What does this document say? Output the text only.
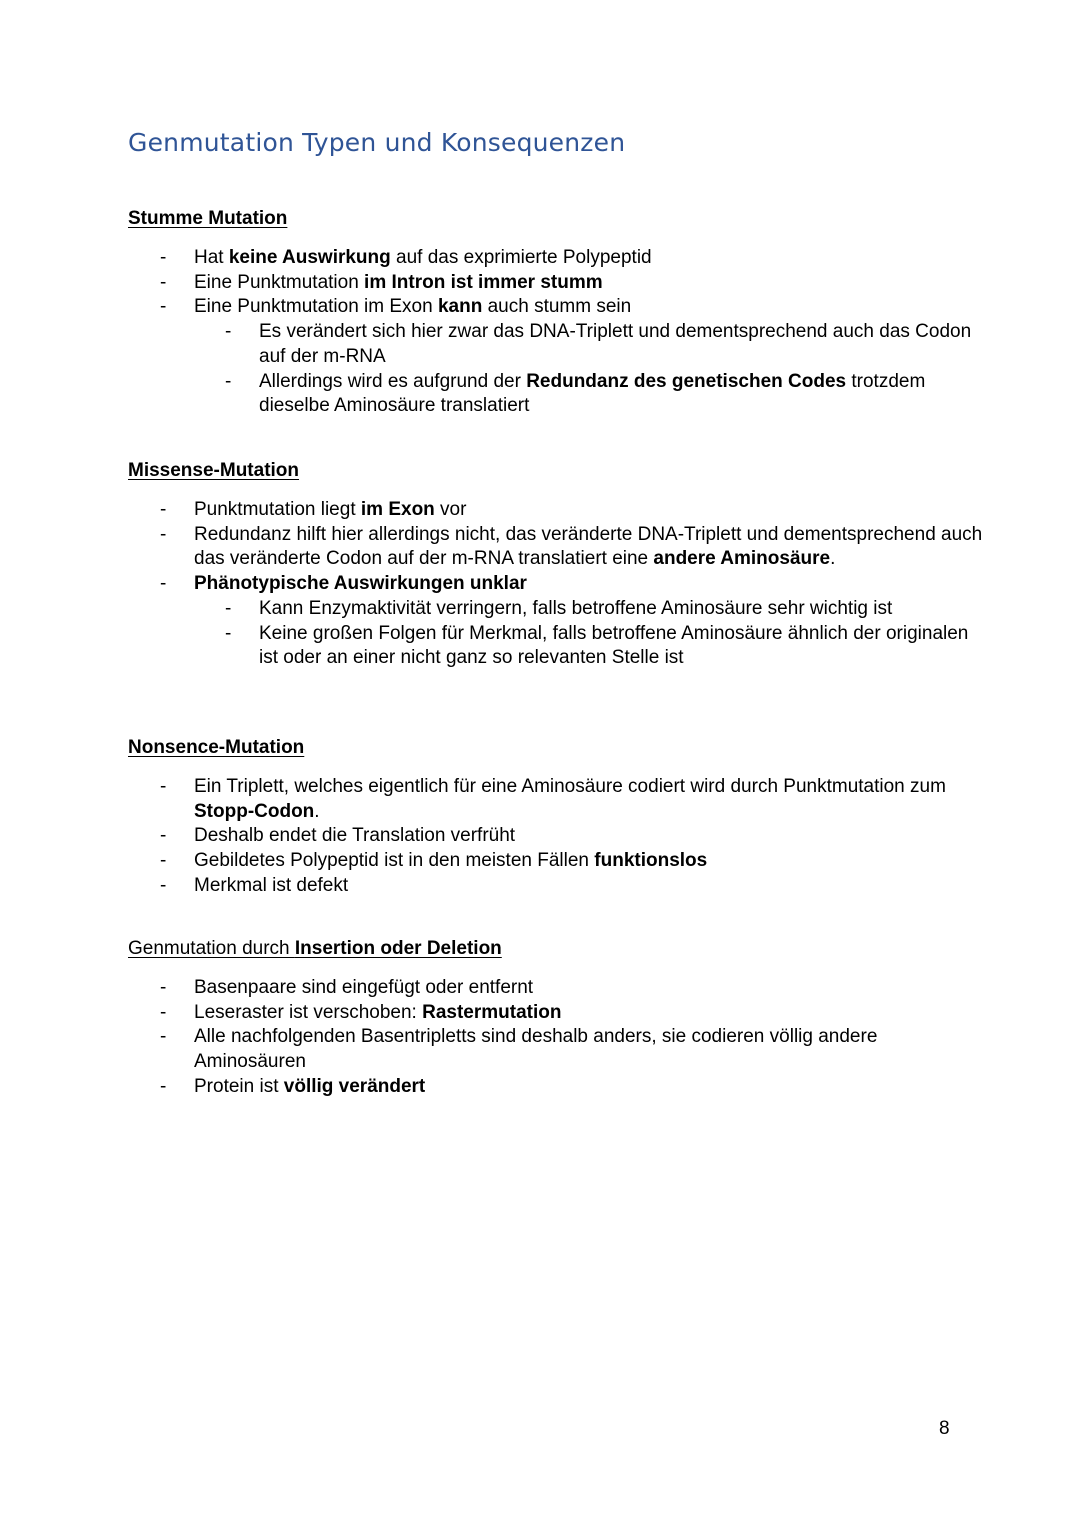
Genmutation Typen und Konsequenzen
Stumme Mutation
- Hat keine Auswirkung auf das exprimierte Polypeptid
- Eine Punktmutation im Intron ist immer stumm
- Eine Punktmutation im Exon kann auch stumm sein
- Es verändert sich hier zwar das DNA-Triplett und dementsprechend auch das Codon auf der m-RNA
- Allerdings wird es aufgrund der Redundanz des genetischen Codes trotzdem dieselbe Aminosäure translatiert
Missense-Mutation
- Punktmutation liegt im Exon vor
- Redundanz hilft hier allerdings nicht, das veränderte DNA-Triplett und dementsprechend auch das veränderte Codon auf der m-RNA translatiert eine andere Aminosäure.
- Phänotypische Auswirkungen unklar
- Kann Enzymaktivität verringern, falls betroffene Aminosäure sehr wichtig ist
- Keine großen Folgen für Merkmal, falls betroffene Aminosäure ähnlich der originalen ist oder an einer nicht ganz so relevanten Stelle ist
Nonsence-Mutation
- Ein Triplett, welches eigentlich für eine Aminosäure codiert wird durch Punktmutation zum Stopp-Codon.
- Deshalb endet die Translation verfrüht
- Gebildetes Polypeptid ist in den meisten Fällen funktionslos
- Merkmal ist defekt
Genmutation durch Insertion oder Deletion
- Basenpaare sind eingefügt oder entfernt
- Leseraster ist verschoben: Rastermutation
- Alle nachfolgenden Basentripletts sind deshalb anders, sie codieren völlig andere Aminosäuren
- Protein ist völlig verändert
8
